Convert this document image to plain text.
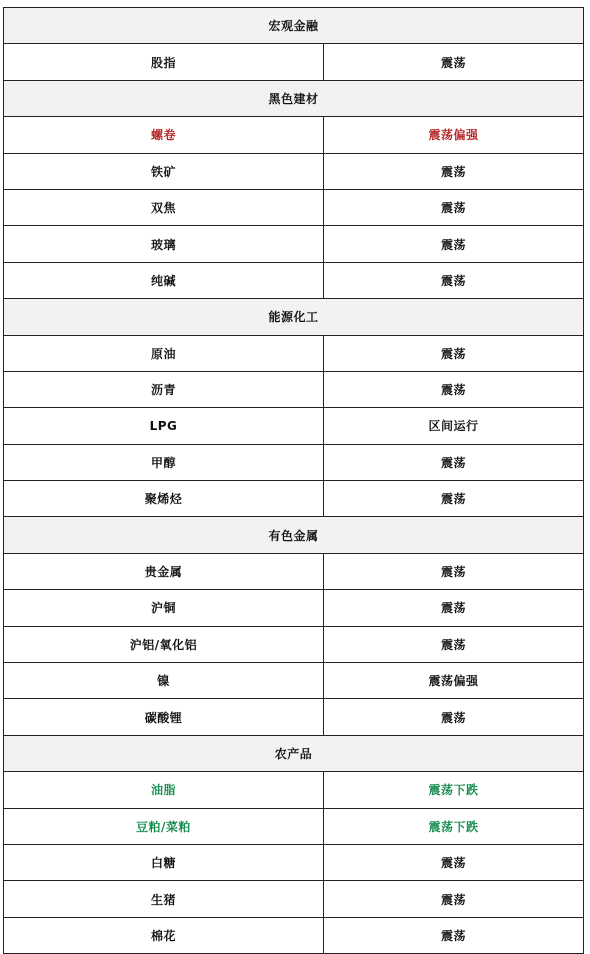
宏观金融	
股指	震荡
黑色建材	
螺卷	震荡偏强
铁矿	震荡
双焦	震荡
玻璃	震荡
纯碱	震荡
能源化工	
原油	震荡
沥青	震荡
LPG	区间运行
甲醇	震荡
聚烯烃	震荡
有色金属	
贵金属	震荡
沪铜	震荡
沪铝/氧化铝	震荡
镍	震荡偏强
碳酸锂	震荡
农产品	
油脂	震荡下跌
豆粕/菜粕	震荡下跌
白糖	震荡
生猪	震荡
棉花	震荡
